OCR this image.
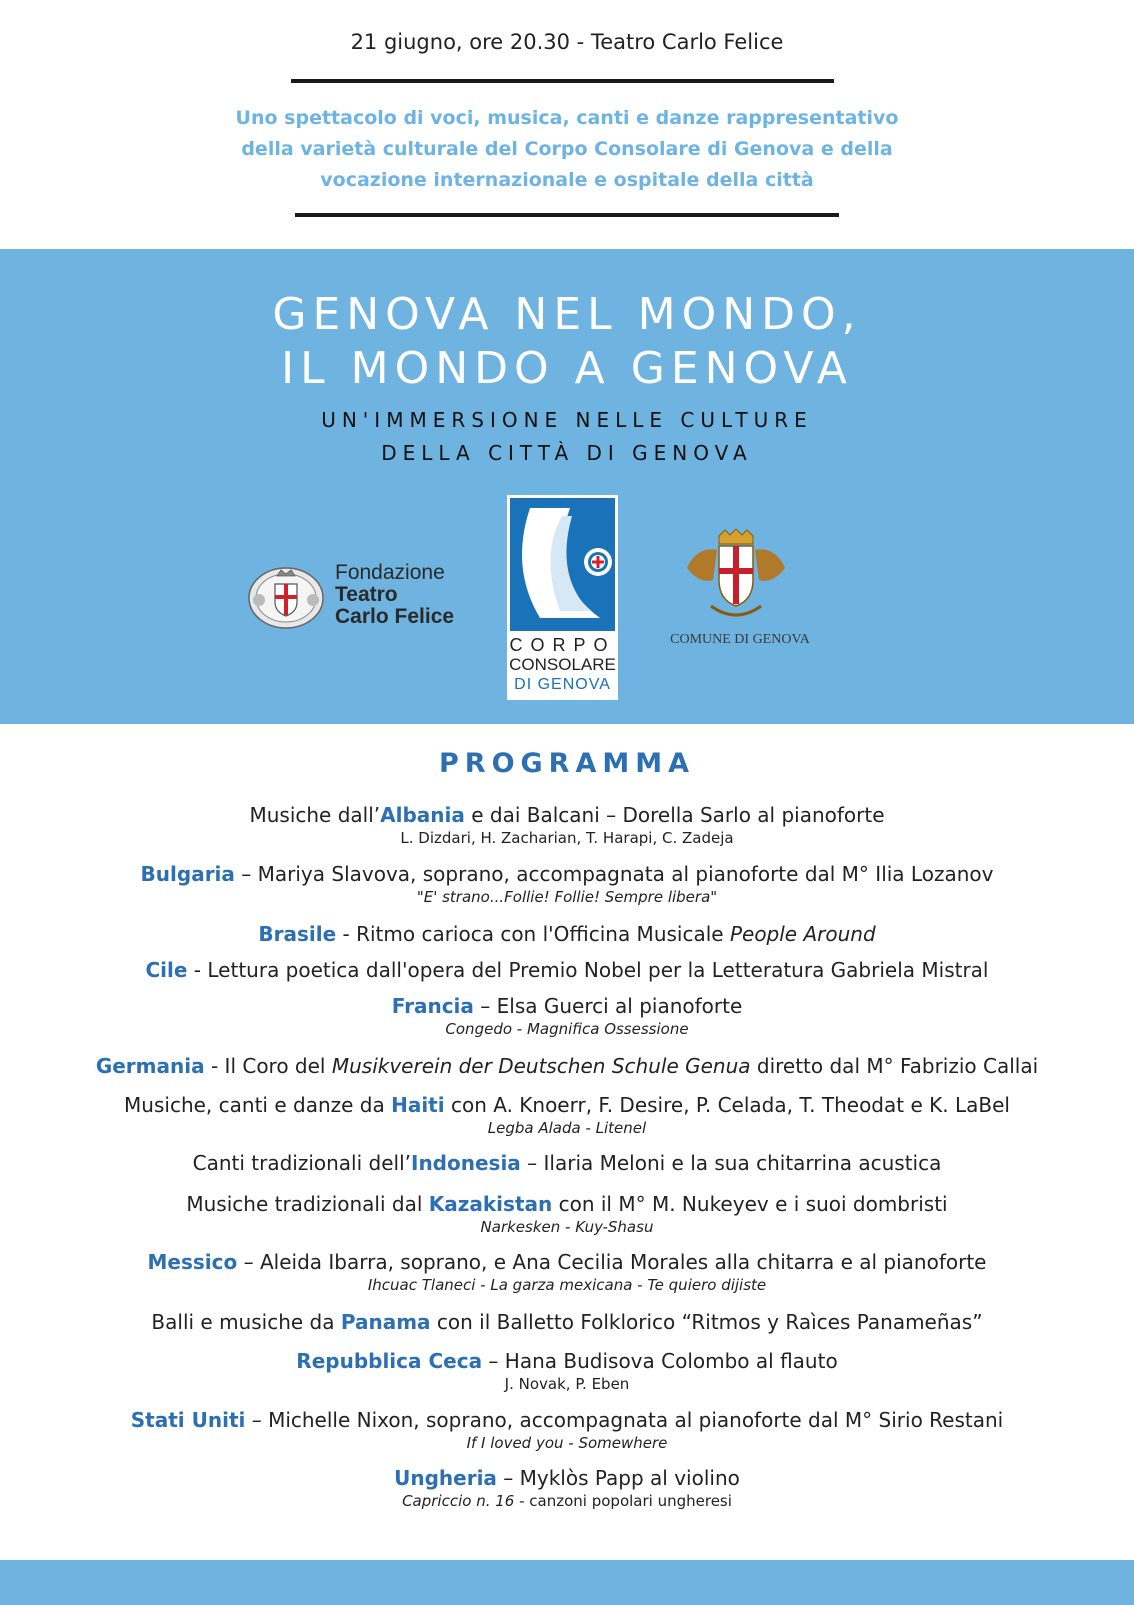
21 giugno, ore 20.30 - Teatro Carlo Felice
Uno spettacolo di voci, musica, canti e danze rappresentativo
della varietà culturale del Corpo Consolare di Genova e della
vocazione internazionale e ospitale della città
GENOVA NEL MONDO,
IL MONDO A GENOVA
UN'IMMERSIONE NELLE CULTURE
DELLA CITTÀ DI GENOVA
Fondazione
Teatro
Carlo Felice
CORPO
CONSOLARE
DI GENOVA
COMUNE DI GENOVA
PROGRAMMA
Musiche dall’Albania e dai Balcani – Dorella Sarlo al pianoforte
L. Dizdari, H. Zacharian, T. Harapi, C. Zadeja
Bulgaria – Mariya Slavova, soprano, accompagnata al pianoforte dal M° Ilia Lozanov
"E' strano...Follie! Follie! Sempre libera"
Brasile - Ritmo carioca con l'Officina Musicale People Around
Cile - Lettura poetica dall'opera del Premio Nobel per la Letteratura Gabriela Mistral
Francia – Elsa Guerci al pianoforte
Congedo - Magnifica Ossessione
Germania - Il Coro del Musikverein der Deutschen Schule Genua diretto dal M° Fabrizio Callai
Musiche, canti e danze da Haiti con A. Knoerr, F. Desire, P. Celada, T. Theodat e K. LaBel
Legba Alada - Litenel
Canti tradizionali dell’Indonesia – Ilaria Meloni e la sua chitarrina acustica
Musiche tradizionali dal Kazakistan con il M° M. Nukeyev e i suoi dombristi
Narkesken - Kuy-Shasu
Messico – Aleida Ibarra, soprano, e Ana Cecilia Morales alla chitarra e al pianoforte
Ihcuac Tlaneci - La garza mexicana - Te quiero dijiste
Balli e musiche da Panama con il Balletto Folklorico “Ritmos y Raìces Panameñas”
Repubblica Ceca – Hana Budisova Colombo al flauto
J. Novak, P. Eben
Stati Uniti – Michelle Nixon, soprano, accompagnata al pianoforte dal M° Sirio Restani
If I loved you - Somewhere
Ungheria – Myklòs Papp al violino
Capriccio n. 16 - canzoni popolari ungheresi
